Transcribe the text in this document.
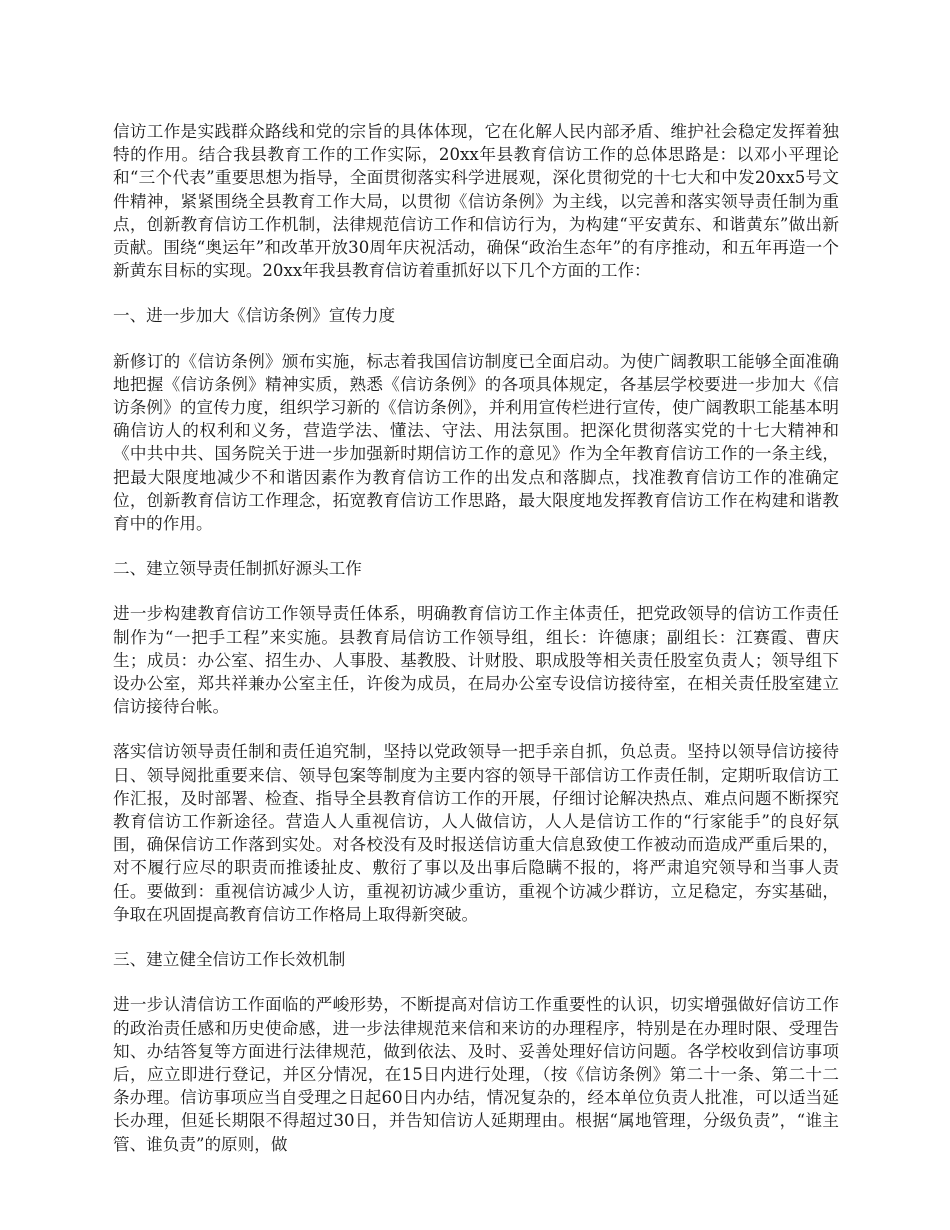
信访工作是实践群众路线和党的宗旨的具体体现，它在化解人民内部矛盾、维护社会稳定发挥着独特的作用。结合我县教育工作的工作实际，20xx年县教育信访工作的总体思路是：以邓小平理论和“三个代表”重要思想为指导，全面贯彻落实科学进展观，深化贯彻党的十七大和中发20xx5号文件精神，紧紧围绕全县教育工作大局，以贯彻《信访条例》为主线，以完善和落实领导责任制为重点，创新教育信访工作机制，法律规范信访工作和信访行为，为构建“平安黄东、和谐黄东”做出新贡献。围绕“奥运年”和改革开放30周年庆祝活动，确保“政治生态年”的有序推动，和五年再造一个新黄东目标的实现。20xx年我县教育信访着重抓好以下几个方面的工作：

一、进一步加大《信访条例》宣传力度

新修订的《信访条例》颁布实施，标志着我国信访制度已全面启动。为使广阔教职工能够全面准确地把握《信访条例》精神实质，熟悉《信访条例》的各项具体规定，各基层学校要进一步加大《信访条例》的宣传力度，组织学习新的《信访条例》，并利用宣传栏进行宣传，使广阔教职工能基本明确信访人的权利和义务，营造学法、懂法、守法、用法氛围。把深化贯彻落实党的十七大精神和《中共中共、国务院关于进一步加强新时期信访工作的意见》作为全年教育信访工作的一条主线，把最大限度地减少不和谐因素作为教育信访工作的出发点和落脚点，找准教育信访工作的准确定位，创新教育信访工作理念，拓宽教育信访工作思路，最大限度地发挥教育信访工作在构建和谐教育中的作用。

二、建立领导责任制抓好源头工作

进一步构建教育信访工作领导责任体系，明确教育信访工作主体责任，把党政领导的信访工作责任制作为“一把手工程”来实施。县教育局信访工作领导组，组长：许德康；副组长：江赛霞、曹庆生；成员：办公室、招生办、人事股、基教股、计财股、职成股等相关责任股室负责人；领导组下设办公室，郑共祥兼办公室主任，许俊为成员，在局办公室专设信访接待室，在相关责任股室建立信访接待台帐。

落实信访领导责任制和责任追究制，坚持以党政领导一把手亲自抓，负总责。坚持以领导信访接待日、领导阅批重要来信、领导包案等制度为主要内容的领导干部信访工作责任制，定期听取信访工作汇报，及时部署、检查、指导全县教育信访工作的开展，仔细讨论解决热点、难点问题不断探究教育信访工作新途径。营造人人重视信访，人人做信访，人人是信访工作的“行家能手”的良好氛围，确保信访工作落到实处。对各校没有及时报送信访重大信息致使工作被动而造成严重后果的，对不履行应尽的职责而推诿扯皮、敷衍了事以及出事后隐瞒不报的，将严肃追究领导和当事人责任。要做到：重视信访减少人访，重视初访减少重访，重视个访减少群访，立足稳定，夯实基础，争取在巩固提高教育信访工作格局上取得新突破。

三、建立健全信访工作长效机制

进一步认清信访工作面临的严峻形势，不断提高对信访工作重要性的认识，切实增强做好信访工作的政治责任感和历史使命感，进一步法律规范来信和来访的办理程序，特别是在办理时限、受理告知、办结答复等方面进行法律规范，做到依法、及时、妥善处理好信访问题。各学校收到信访事项后，应立即进行登记，并区分情况，在15日内进行处理，（按《信访条例》第二十一条、第二十二条办理。信访事项应当自受理之日起60日内办结，情况复杂的，经本单位负责人批准，可以适当延长办理，但延长期限不得超过30日，并告知信访人延期理由。根据“属地管理，分级负责”，“谁主管、谁负责”的原则，做
